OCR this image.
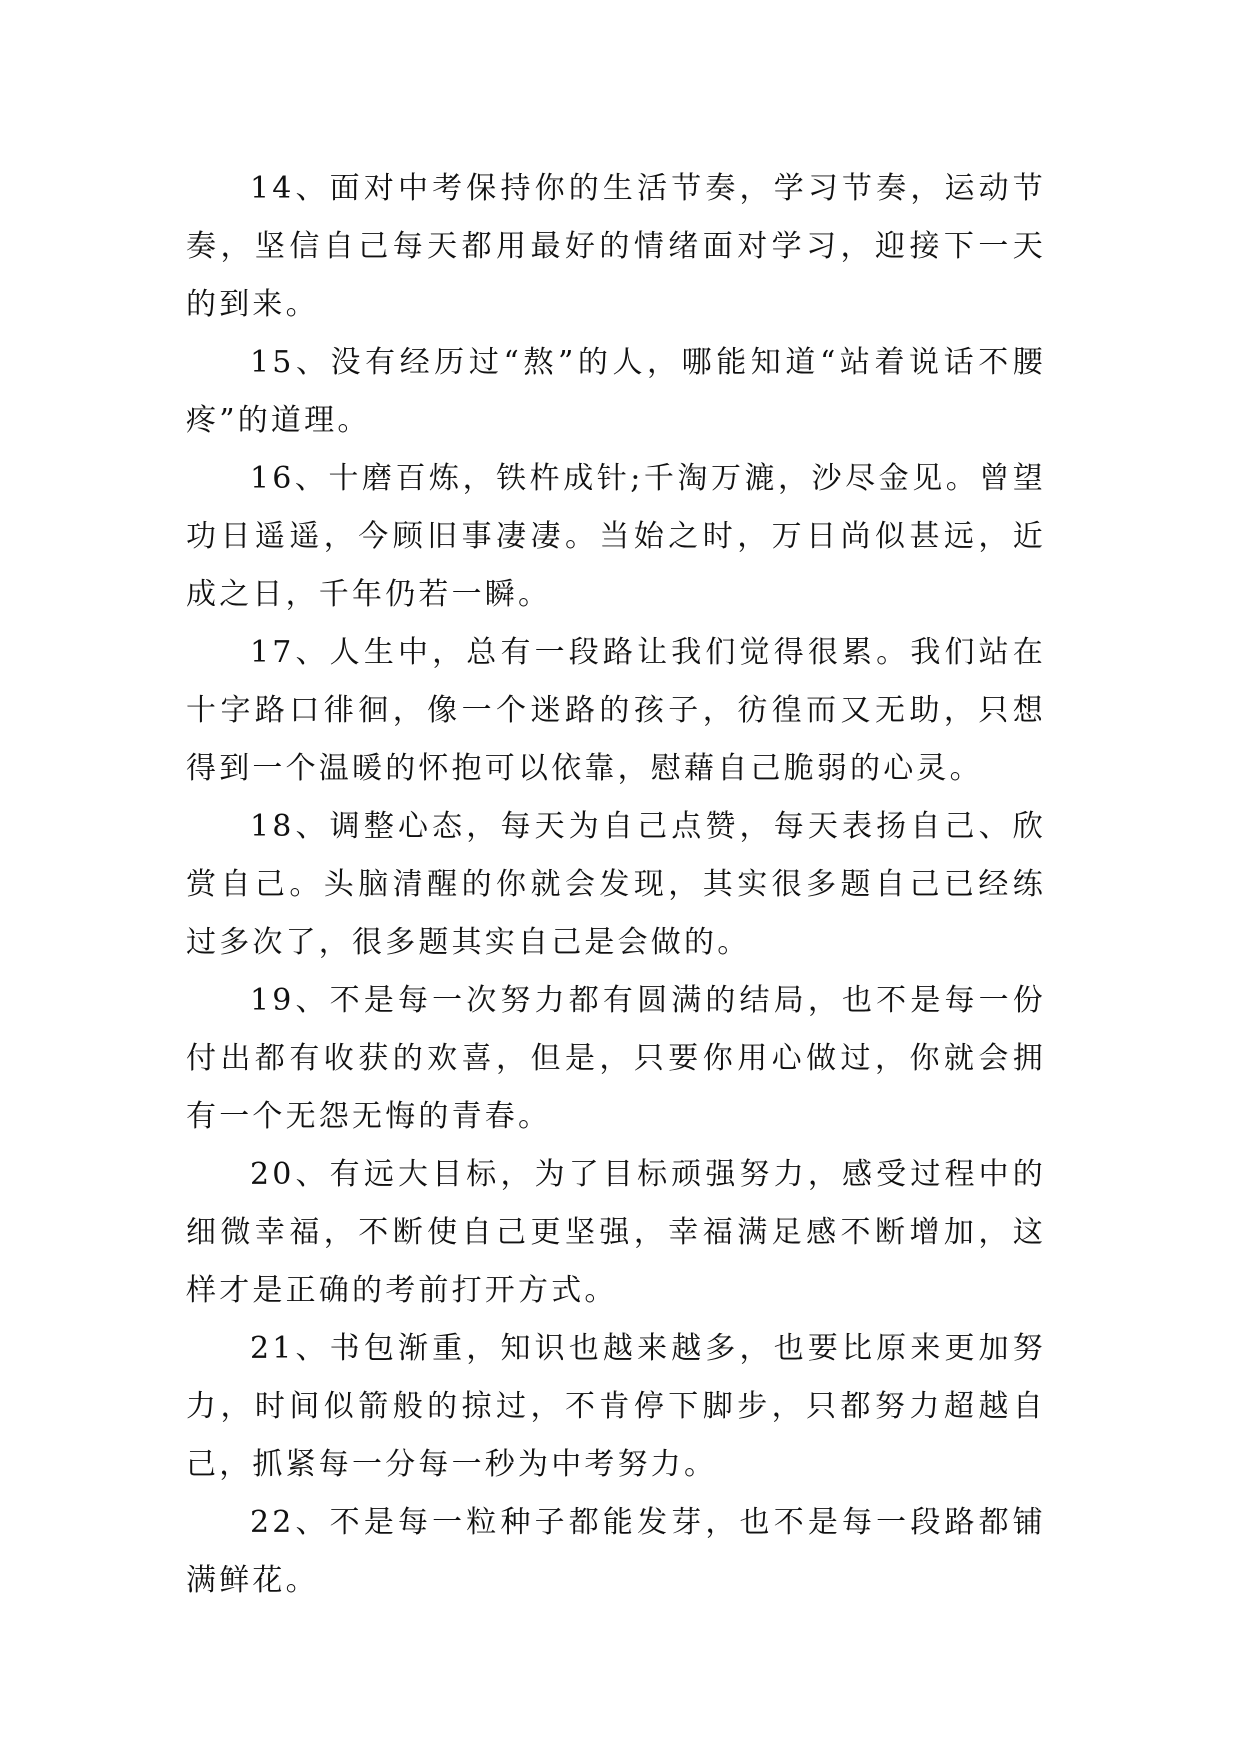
14、面对中考保持你的生活节奏，学习节奏，运动节奏，坚信自己每天都用最好的情绪面对学习，迎接下一天的到来。

15、没有经历过“熬”的人，哪能知道“站着说话不腰疼”的道理。

16、十磨百炼，铁杵成针;千淘万漉，沙尽金见。曾望功日遥遥，今顾旧事凄凄。当始之时，万日尚似甚远，近成之日，千年仍若一瞬。

17、人生中，总有一段路让我们觉得很累。我们站在十字路口徘徊，像一个迷路的孩子，彷徨而又无助，只想得到一个温暖的怀抱可以依靠，慰藉自己脆弱的心灵。

18、调整心态，每天为自己点赞，每天表扬自己、欣赏自己。头脑清醒的你就会发现，其实很多题自己已经练过多次了，很多题其实自己是会做的。

19、不是每一次努力都有圆满的结局，也不是每一份付出都有收获的欢喜，但是，只要你用心做过，你就会拥有一个无怨无悔的青春。

20、有远大目标，为了目标顽强努力，感受过程中的细微幸福，不断使自己更坚强，幸福满足感不断增加，这样才是正确的考前打开方式。

21、书包渐重，知识也越来越多，也要比原来更加努力，时间似箭般的掠过，不肯停下脚步，只都努力超越自己，抓紧每一分每一秒为中考努力。

22、不是每一粒种子都能发芽，也不是每一段路都铺满鲜花。
